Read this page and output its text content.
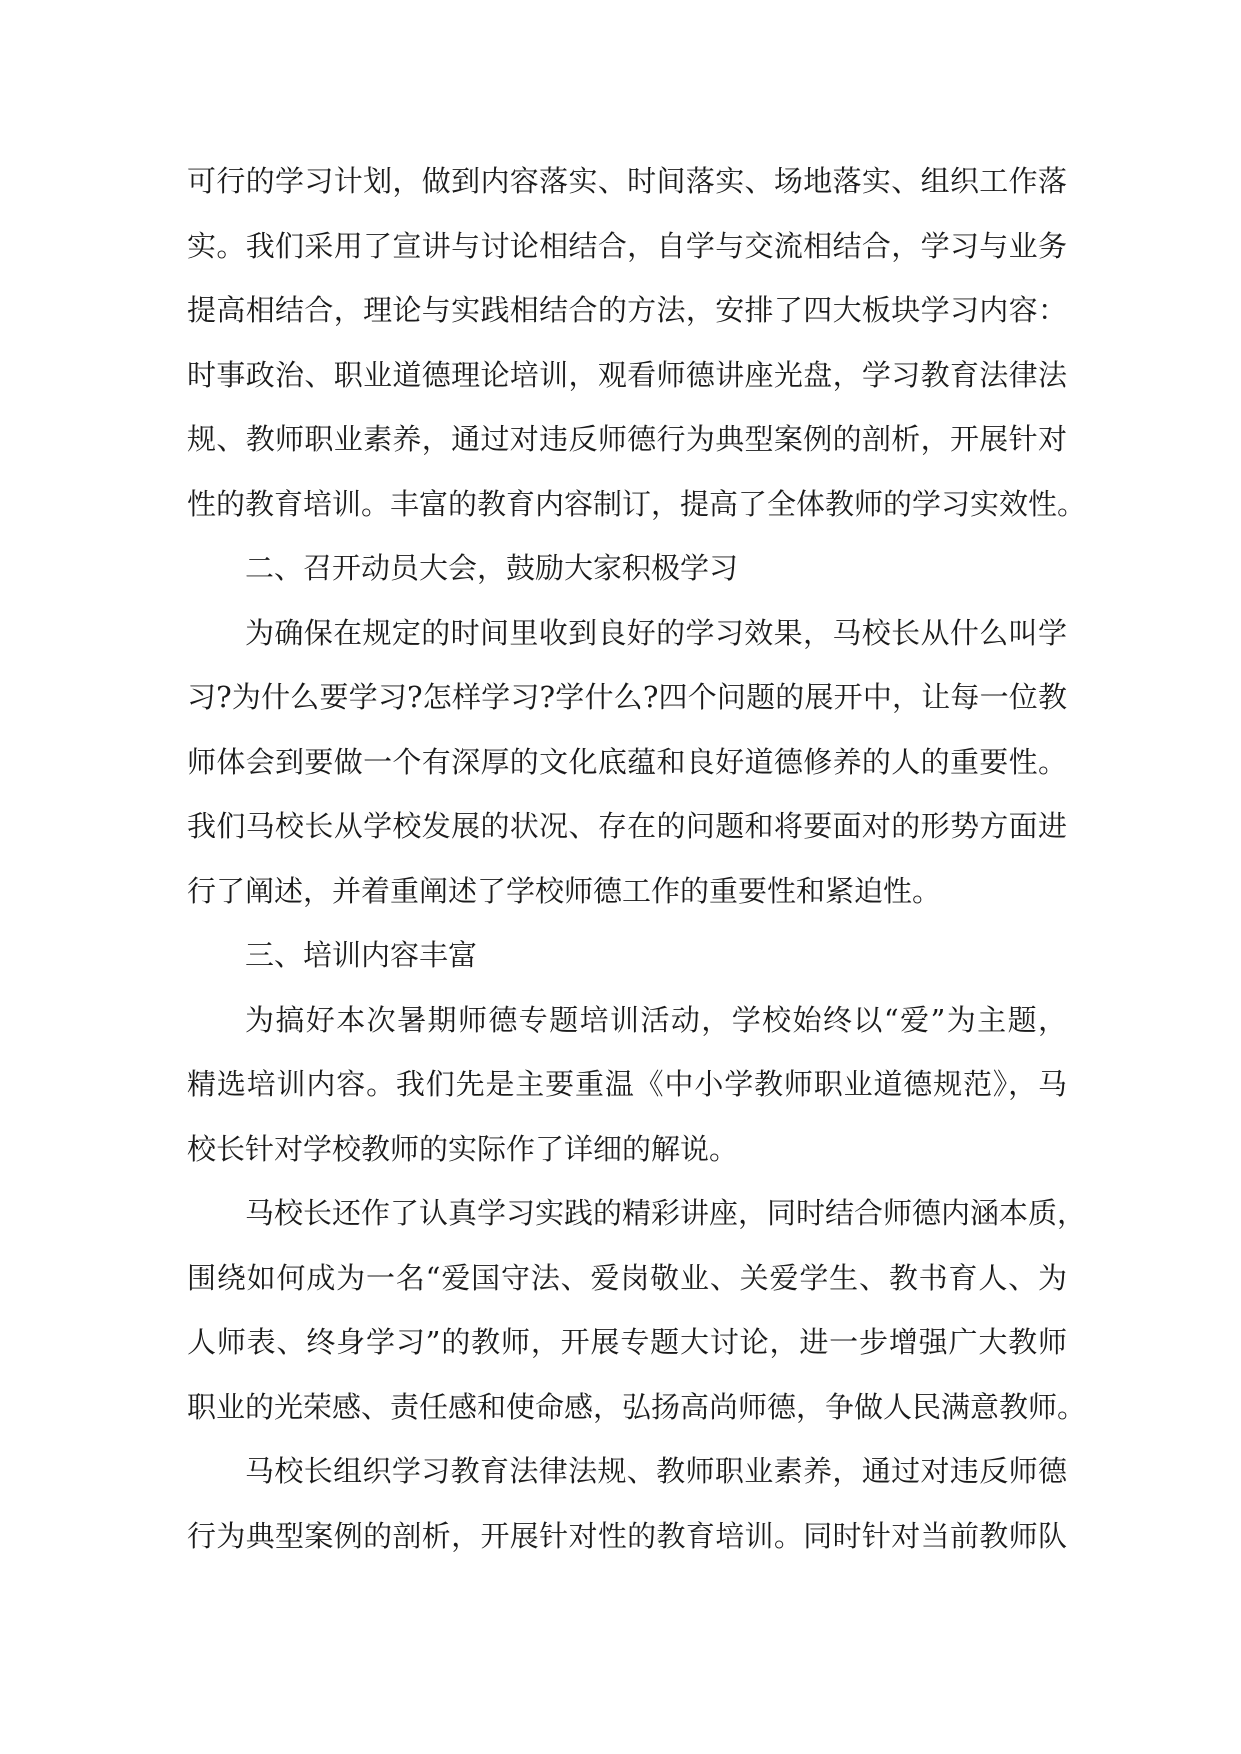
可行的学习计划，做到内容落实、时间落实、场地落实、组织工作落
实。我们采用了宣讲与讨论相结合，自学与交流相结合，学习与业务
提高相结合，理论与实践相结合的方法，安排了四大板块学习内容：
时事政治、职业道德理论培训，观看师德讲座光盘，学习教育法律法
规、教师职业素养，通过对违反师德行为典型案例的剖析，开展针对
性的教育培训。丰富的教育内容制订，提高了全体教师的学习实效性。
二、召开动员大会，鼓励大家积极学习
为确保在规定的时间里收到良好的学习效果，马校长从什么叫学
习?为什么要学习?怎样学习?学什么?四个问题的展开中，让每一位教
师体会到要做一个有深厚的文化底蕴和良好道德修养的人的重要性。
我们马校长从学校发展的状况、存在的问题和将要面对的形势方面进
行了阐述，并着重阐述了学校师德工作的重要性和紧迫性。
三、培训内容丰富
为搞好本次暑期师德专题培训活动，学校始终以“爱”为主题，
精选培训内容。我们先是主要重温《中小学教师职业道德规范》，马
校长针对学校教师的实际作了详细的解说。
马校长还作了认真学习实践的精彩讲座，同时结合师德内涵本质，
围绕如何成为一名“爱国守法、爱岗敬业、关爱学生、教书育人、为
人师表、终身学习”的教师，开展专题大讨论，进一步增强广大教师
职业的光荣感、责任感和使命感，弘扬高尚师德，争做人民满意教师。
马校长组织学习教育法律法规、教师职业素养，通过对违反师德
行为典型案例的剖析，开展针对性的教育培训。同时针对当前教师队
